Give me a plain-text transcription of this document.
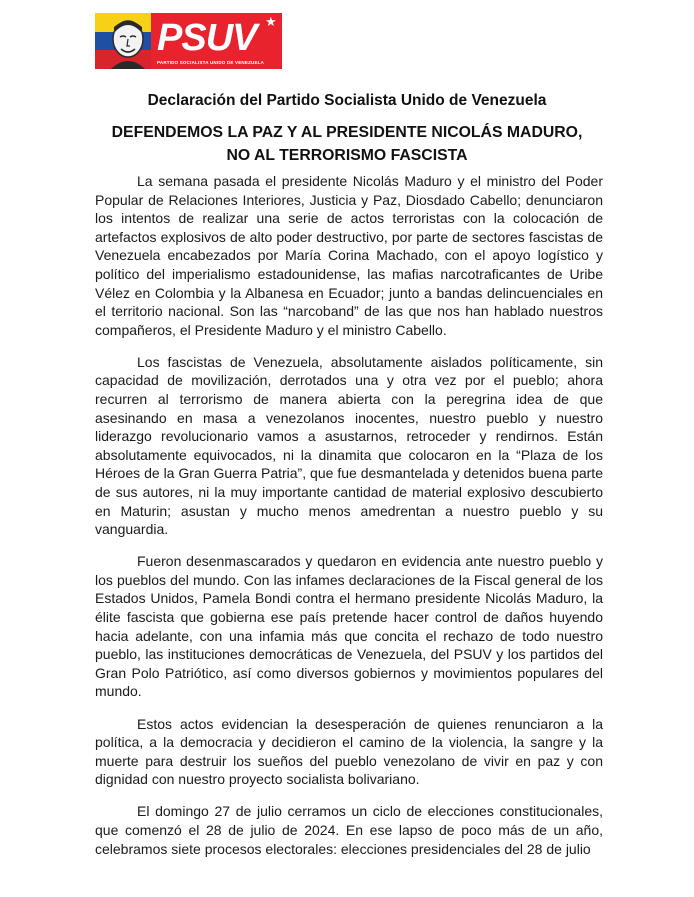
PSUV ★
PARTIDO SOCIALISTA UNIDO DE VENEZUELA
Declaración del Partido Socialista Unido de Venezuela
DEFENDEMOS LA PAZ Y AL PRESIDENTE NICOLÁS MADURO,
NO AL TERRORISMO FASCISTA

La semana pasada el presidente Nicolás Maduro y el ministro del Poder Popular de Relaciones Interiores, Justicia y Paz, Diosdado Cabello; denunciaron los intentos de realizar una serie de actos terroristas con la colocación de artefactos explosivos de alto poder destructivo, por parte de sectores fascistas de Venezuela encabezados por María Corina Machado, con el apoyo logístico y político del imperialismo estadounidense, las mafias narcotraficantes de Uribe Vélez en Colombia y la Albanesa en Ecuador; junto a bandas delincuenciales en el territorio nacional. Son las “narcoband” de las que nos han hablado nuestros compañeros, el Presidente Maduro y el ministro Cabello.

Los fascistas de Venezuela, absolutamente aislados políticamente, sin capacidad de movilización, derrotados una y otra vez por el pueblo; ahora recurren al terrorismo de manera abierta con la peregrina idea de que asesinando en masa a venezolanos inocentes, nuestro pueblo y nuestro liderazgo revolucionario vamos a asustarnos, retroceder y rendirnos. Están absolutamente equivocados, ni la dinamita que colocaron en la “Plaza de los Héroes de la Gran Guerra Patria”, que fue desmantelada y detenidos buena parte de sus autores, ni la muy importante cantidad de material explosivo descubierto en Maturin; asustan y mucho menos amedrentan a nuestro pueblo y su vanguardia.

Fueron desenmascarados y quedaron en evidencia ante nuestro pueblo y los pueblos del mundo. Con las infames declaraciones de la Fiscal general de los Estados Unidos, Pamela Bondi contra el hermano presidente Nicolás Maduro, la élite fascista que gobierna ese país pretende hacer control de daños huyendo hacia adelante, con una infamia más que concita el rechazo de todo nuestro pueblo, las instituciones democráticas de Venezuela, del PSUV y los partidos del Gran Polo Patriótico, así como diversos gobiernos y movimientos populares del mundo.

Estos actos evidencian la desesperación de quienes renunciaron a la política, a la democracia y decidieron el camino de la violencia, la sangre y la muerte para destruir los sueños del pueblo venezolano de vivir en paz y con dignidad con nuestro proyecto socialista bolivariano.

El domingo 27 de julio cerramos un ciclo de elecciones constitucionales, que comenzó el 28 de julio de 2024. En ese lapso de poco más de un año, celebramos siete procesos electorales: elecciones presidenciales del 28 de julio
